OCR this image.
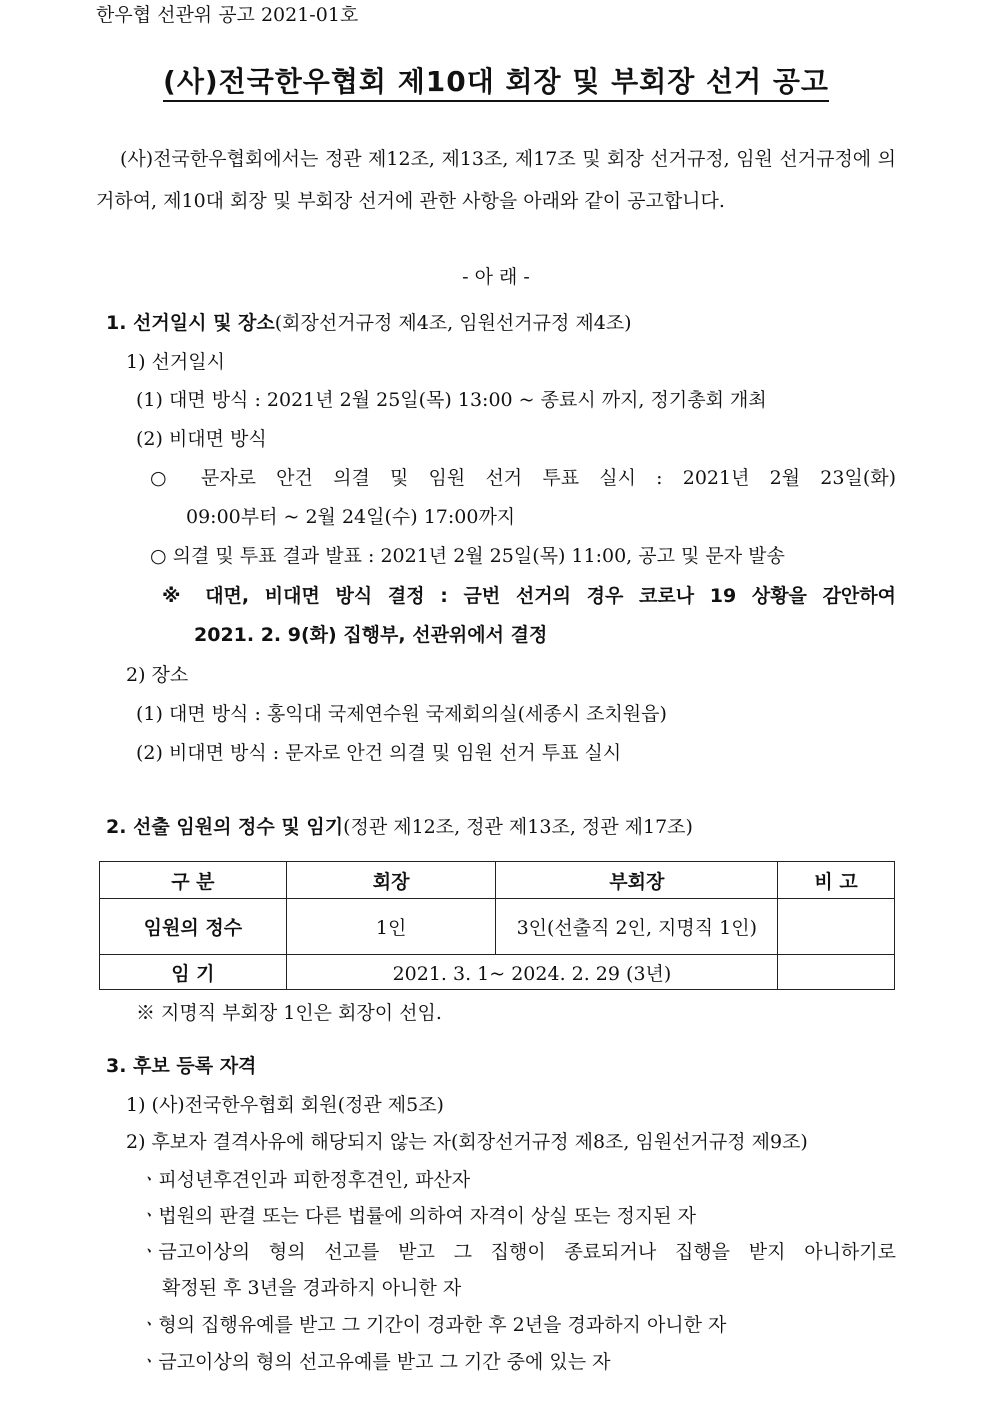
한우협 선관위 공고 2021-01호
(사)전국한우협회 제10대 회장 및 부회장 선거 공고
(사)전국한우협회에서는 정관 제12조, 제13조, 제17조 및 회장 선거규정, 임원 선거규정에 의거하여, 제10대 회장 및 부회장 선거에 관한 사항을 아래와 같이 공고합니다.
- 아 래 -
1. 선거일시 및 장소(회장선거규정 제4조, 임원선거규정 제4조)
1) 선거일시
(1) 대면 방식 : 2021년 2월 25일(목) 13:00 ~ 종료시 까지, 정기총회 개최
(2) 비대면 방식
○ 문자로 안건 의결 및 임원 선거 투표 실시 : 2021년 2월 23일(화)
09:00부터 ~ 2월 24일(수) 17:00까지
○ 의결 및 투표 결과 발표 : 2021년 2월 25일(목) 11:00, 공고 및 문자 발송
※ 대면, 비대면 방식 결정 : 금번 선거의 경우 코로나 19 상황을 감안하여
2021. 2. 9(화) 집행부, 선관위에서 결정
2) 장소
(1) 대면 방식 : 홍익대 국제연수원 국제회의실(세종시 조치원읍)
(2) 비대면 방식 : 문자로 안건 의결 및 임원 선거 투표 실시
2. 선출 임원의 정수 및 임기(정관 제12조, 정관 제13조, 정관 제17조)
구 분	회장	부회장	비 고
임원의 정수	1인	3인(선출직 2인, 지명직 1인)	
임 기	2021. 3. 1~ 2024. 2. 29 (3년)		
※ 지명직 부회장 1인은 회장이 선임.
3. 후보 등록 자격
1) (사)전국한우협회 회원(정관 제5조)
2) 후보자 결격사유에 해당되지 않는 자(회장선거규정 제8조, 임원선거규정 제9조)
ㆍ피성년후견인과 피한정후견인, 파산자
ㆍ법원의 판결 또는 다른 법률에 의하여 자격이 상실 또는 정지된 자
ㆍ금고이상의 형의 선고를 받고 그 집행이 종료되거나 집행을 받지 아니하기로
확정된 후 3년을 경과하지 아니한 자
ㆍ형의 집행유예를 받고 그 기간이 경과한 후 2년을 경과하지 아니한 자
ㆍ금고이상의 형의 선고유예를 받고 그 기간 중에 있는 자
